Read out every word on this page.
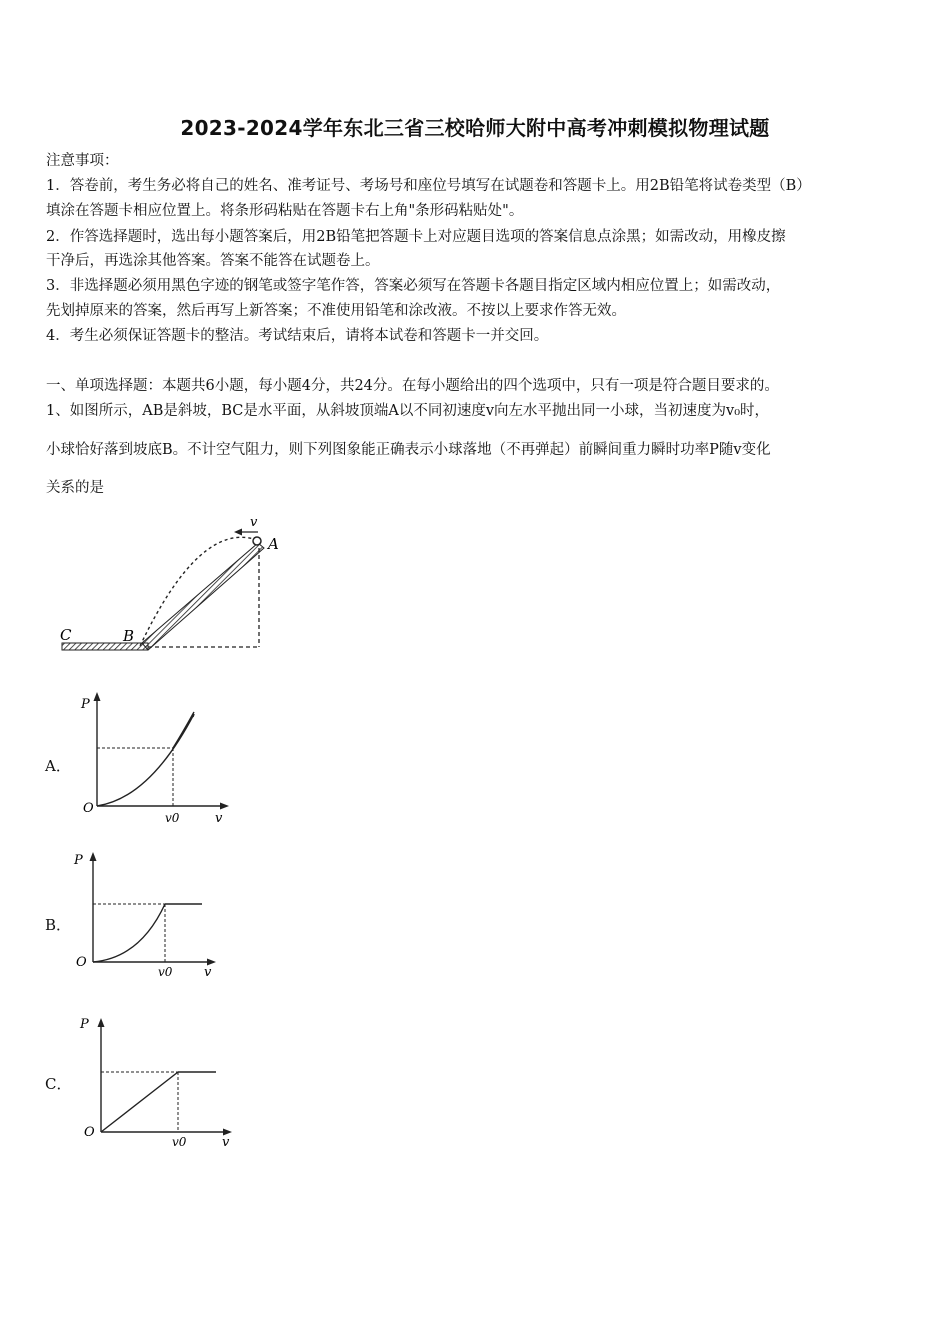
2023-2024学年东北三省三校哈师大附中高考冲刺模拟物理试题
注意事项：
1．答卷前，考生务必将自己的姓名、准考证号、考场号和座位号填写在试题卷和答题卡上。用2B铅笔将试卷类型（B）
填涂在答题卡相应位置上。将条形码粘贴在答题卡右上角"条形码粘贴处"。
2．作答选择题时，选出每小题答案后，用2B铅笔把答题卡上对应题目选项的答案信息点涂黑；如需改动，用橡皮擦
干净后，再选涂其他答案。答案不能答在试题卷上。
3．非选择题必须用黑色字迹的钢笔或签字笔作答，答案必须写在答题卡各题目指定区域内相应位置上；如需改动，
先划掉原来的答案，然后再写上新答案；不准使用铅笔和涂改液。不按以上要求作答无效。
4．考生必须保证答题卡的整洁。考试结束后，请将本试卷和答题卡一并交回。
一、单项选择题：本题共6小题，每小题4分，共24分。在每小题给出的四个选项中，只有一项是符合题目要求的。
1、如图所示，AB是斜坡，BC是水平面，从斜坡顶端A以不同初速度v向左水平抛出同一小球，当初速度为v₀时，
小球恰好落到坡底B。不计空气阻力，则下列图象能正确表示小球落地（不再弹起）前瞬间重力瞬时功率P随v变化
关系的是
v
A
B
C
A．
P
O
v0	v
B．
P
O
v0 v
C．
P
O
v0	v
